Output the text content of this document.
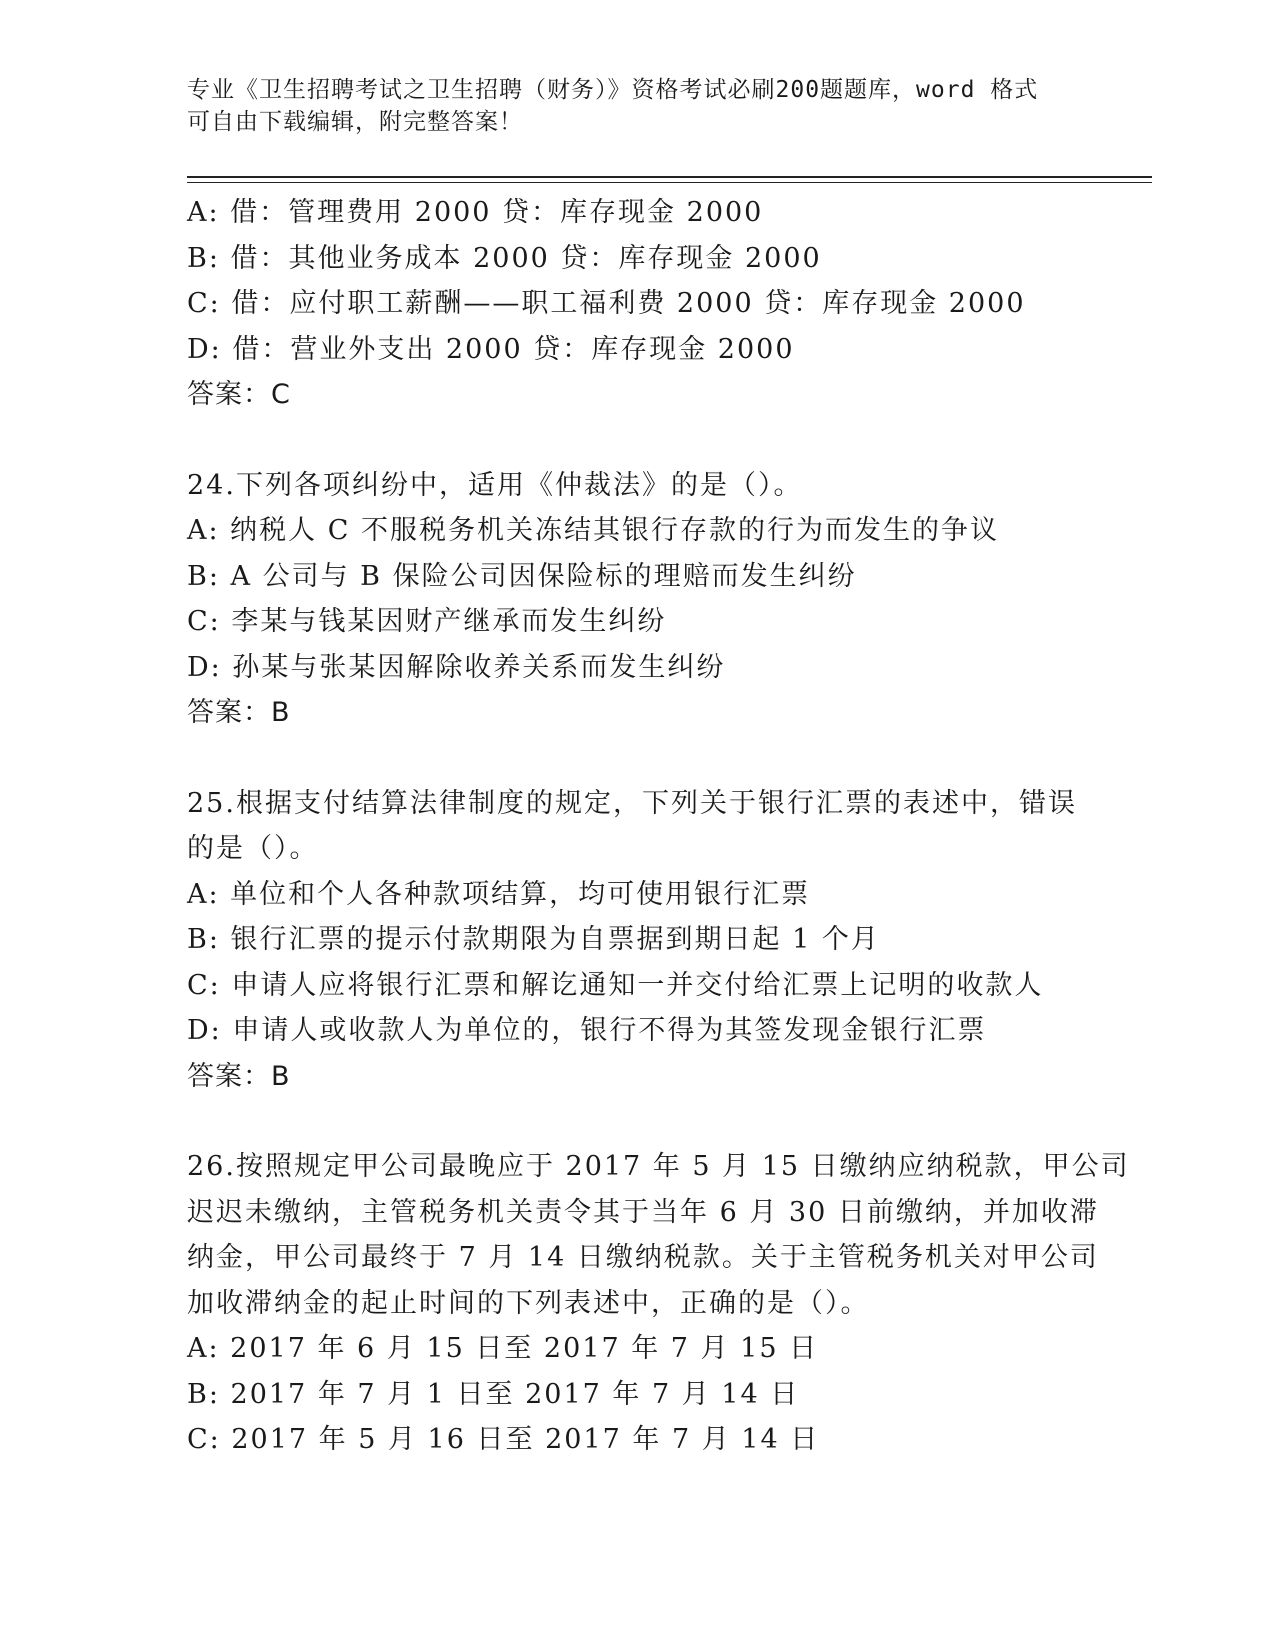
专业《卫生招聘考试之卫生招聘（财务）》资格考试必刷200题题库，word 格式
可自由下载编辑，附完整答案！
A: 借：管理费用 2000 贷：库存现金 2000
B: 借：其他业务成本 2000 贷：库存现金 2000
C: 借：应付职工薪酬——职工福利费 2000 贷：库存现金 2000
D: 借：营业外支出 2000 贷：库存现金 2000
答案：C
24.下列各项纠纷中，适用《仲裁法》的是（）。
A: 纳税人 C 不服税务机关冻结其银行存款的行为而发生的争议
B: A 公司与 B 保险公司因保险标的理赔而发生纠纷
C: 李某与钱某因财产继承而发生纠纷
D: 孙某与张某因解除收养关系而发生纠纷
答案：B
25.根据支付结算法律制度的规定，下列关于银行汇票的表述中，错误
的是（）。
A: 单位和个人各种款项结算，均可使用银行汇票
B: 银行汇票的提示付款期限为自票据到期日起 1 个月
C: 申请人应将银行汇票和解讫通知一并交付给汇票上记明的收款人
D: 申请人或收款人为单位的，银行不得为其签发现金银行汇票
答案：B
26.按照规定甲公司最晚应于 2017 年 5 月 15 日缴纳应纳税款，甲公司
迟迟未缴纳，主管税务机关责令其于当年 6 月 30 日前缴纳，并加收滞
纳金，甲公司最终于 7 月 14 日缴纳税款。关于主管税务机关对甲公司
加收滞纳金的起止时间的下列表述中，正确的是（）。
A: 2017 年 6 月 15 日至 2017 年 7 月 15 日
B: 2017 年 7 月 1 日至 2017 年 7 月 14 日
C: 2017 年 5 月 16 日至 2017 年 7 月 14 日
